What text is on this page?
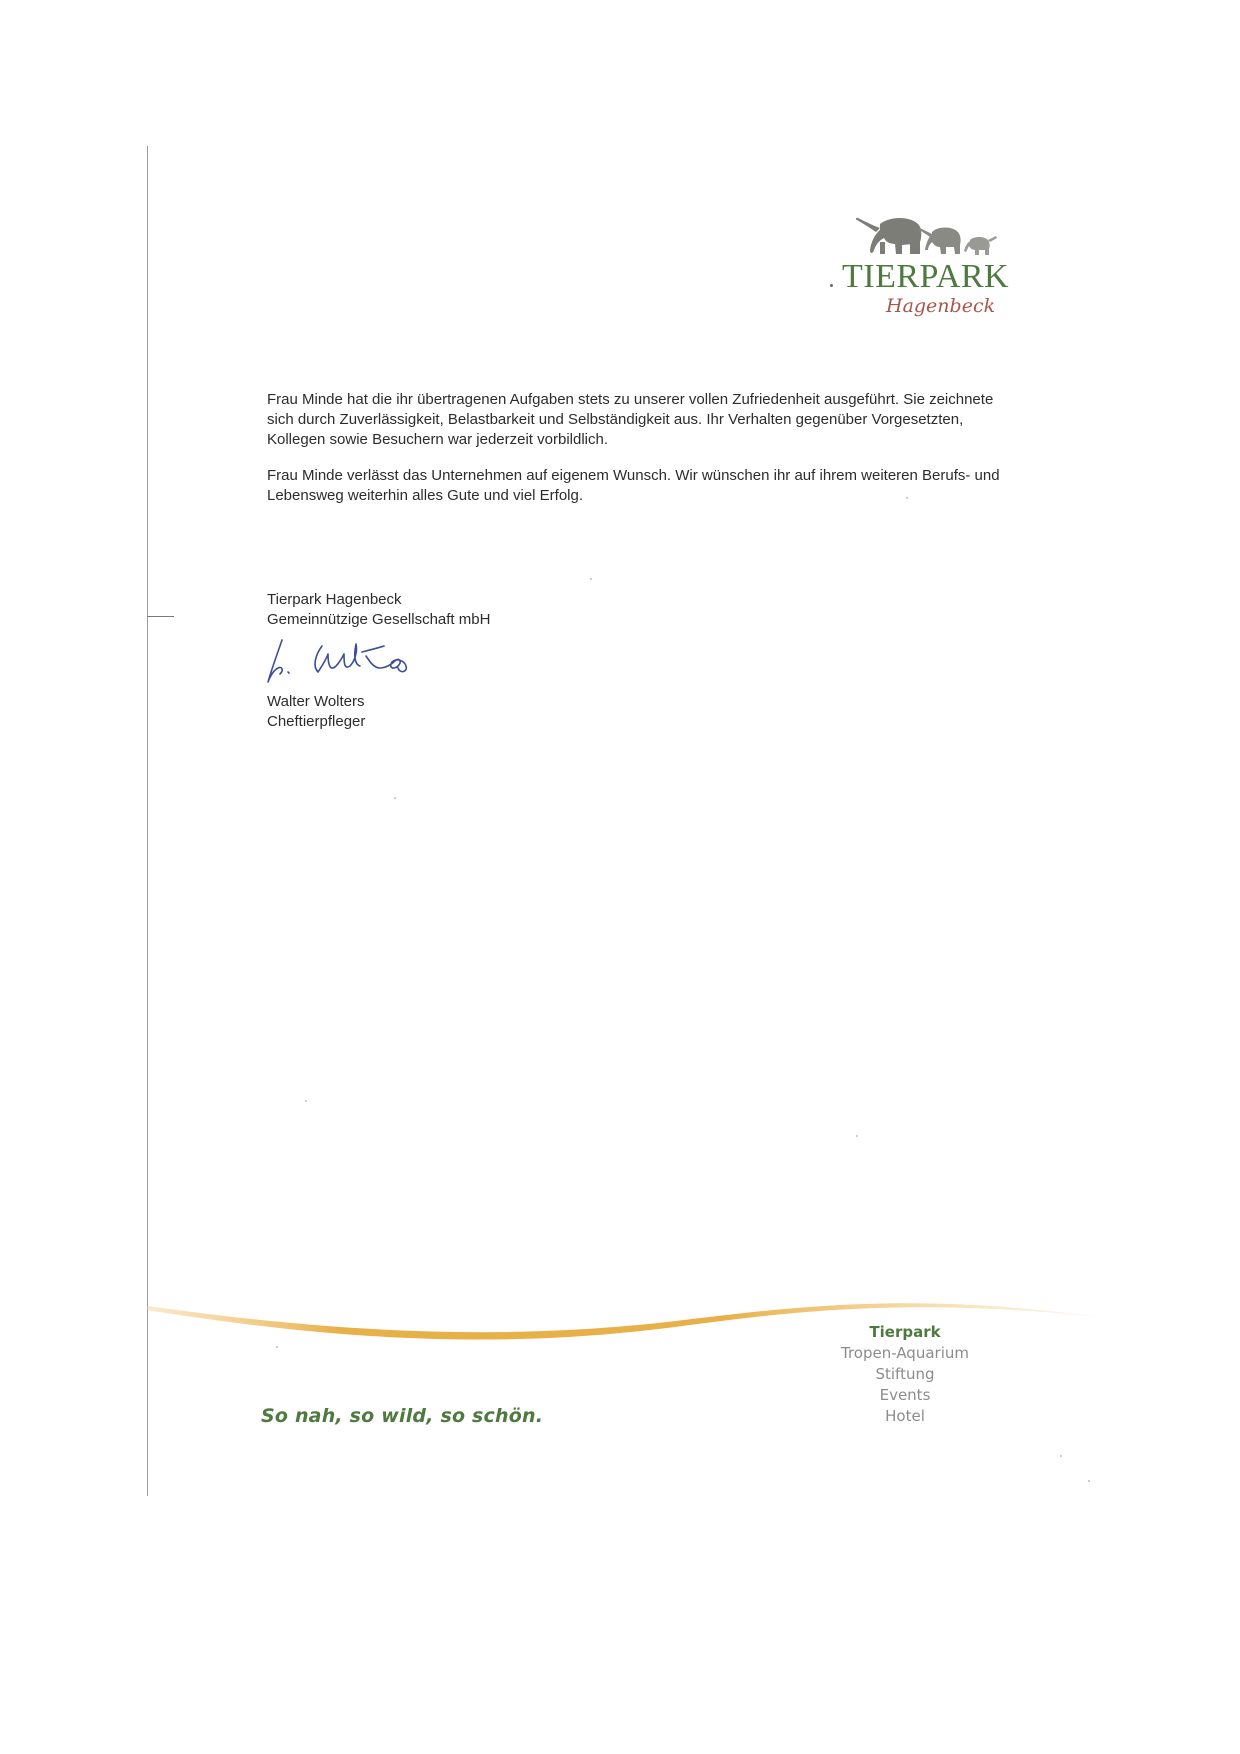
TIERPARK
Hagenbeck

Frau Minde hat die ihr übertragenen Aufgaben stets zu unserer vollen Zufriedenheit ausgeführt. Sie zeichnete sich durch Zuverlässigkeit, Belastbarkeit und Selbständigkeit aus. Ihr Verhalten gegenüber Vorgesetzten, Kollegen sowie Besuchern war jederzeit vorbildlich.

Frau Minde verlässt das Unternehmen auf eigenem Wunsch. Wir wünschen ihr auf ihrem weiteren Berufs- und Lebensweg weiterhin alles Gute und viel Erfolg.

Tierpark Hagenbeck
Gemeinnützige Gesellschaft mbH
Walter Wolters
Cheftierpfleger
So nah, so wild, so schön.
Tierpark
Tropen-Aquarium
Stiftung
Events
Hotel
